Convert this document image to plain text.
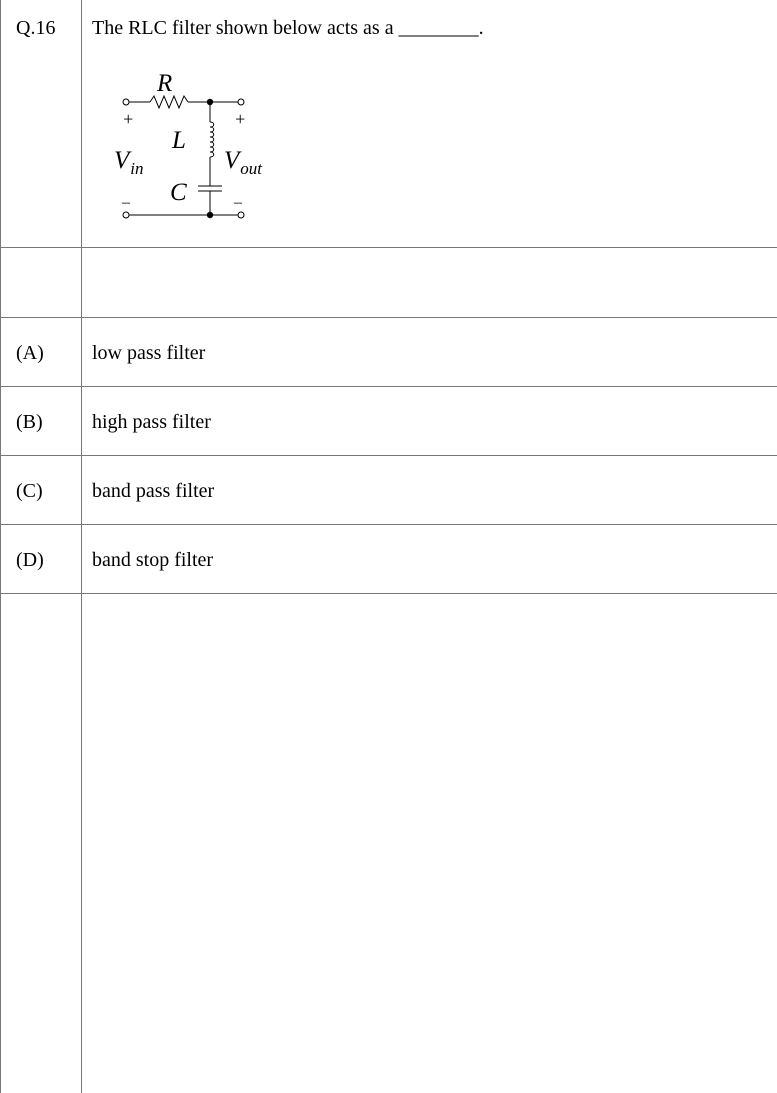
Q.16 The RLC filter shown below acts as a ________.
R
L
C
+	+
–	–
$V_{in}$	$V_{out}$
(A) low pass filter
(B) high pass filter
(C) band pass filter
(D) band stop filter
